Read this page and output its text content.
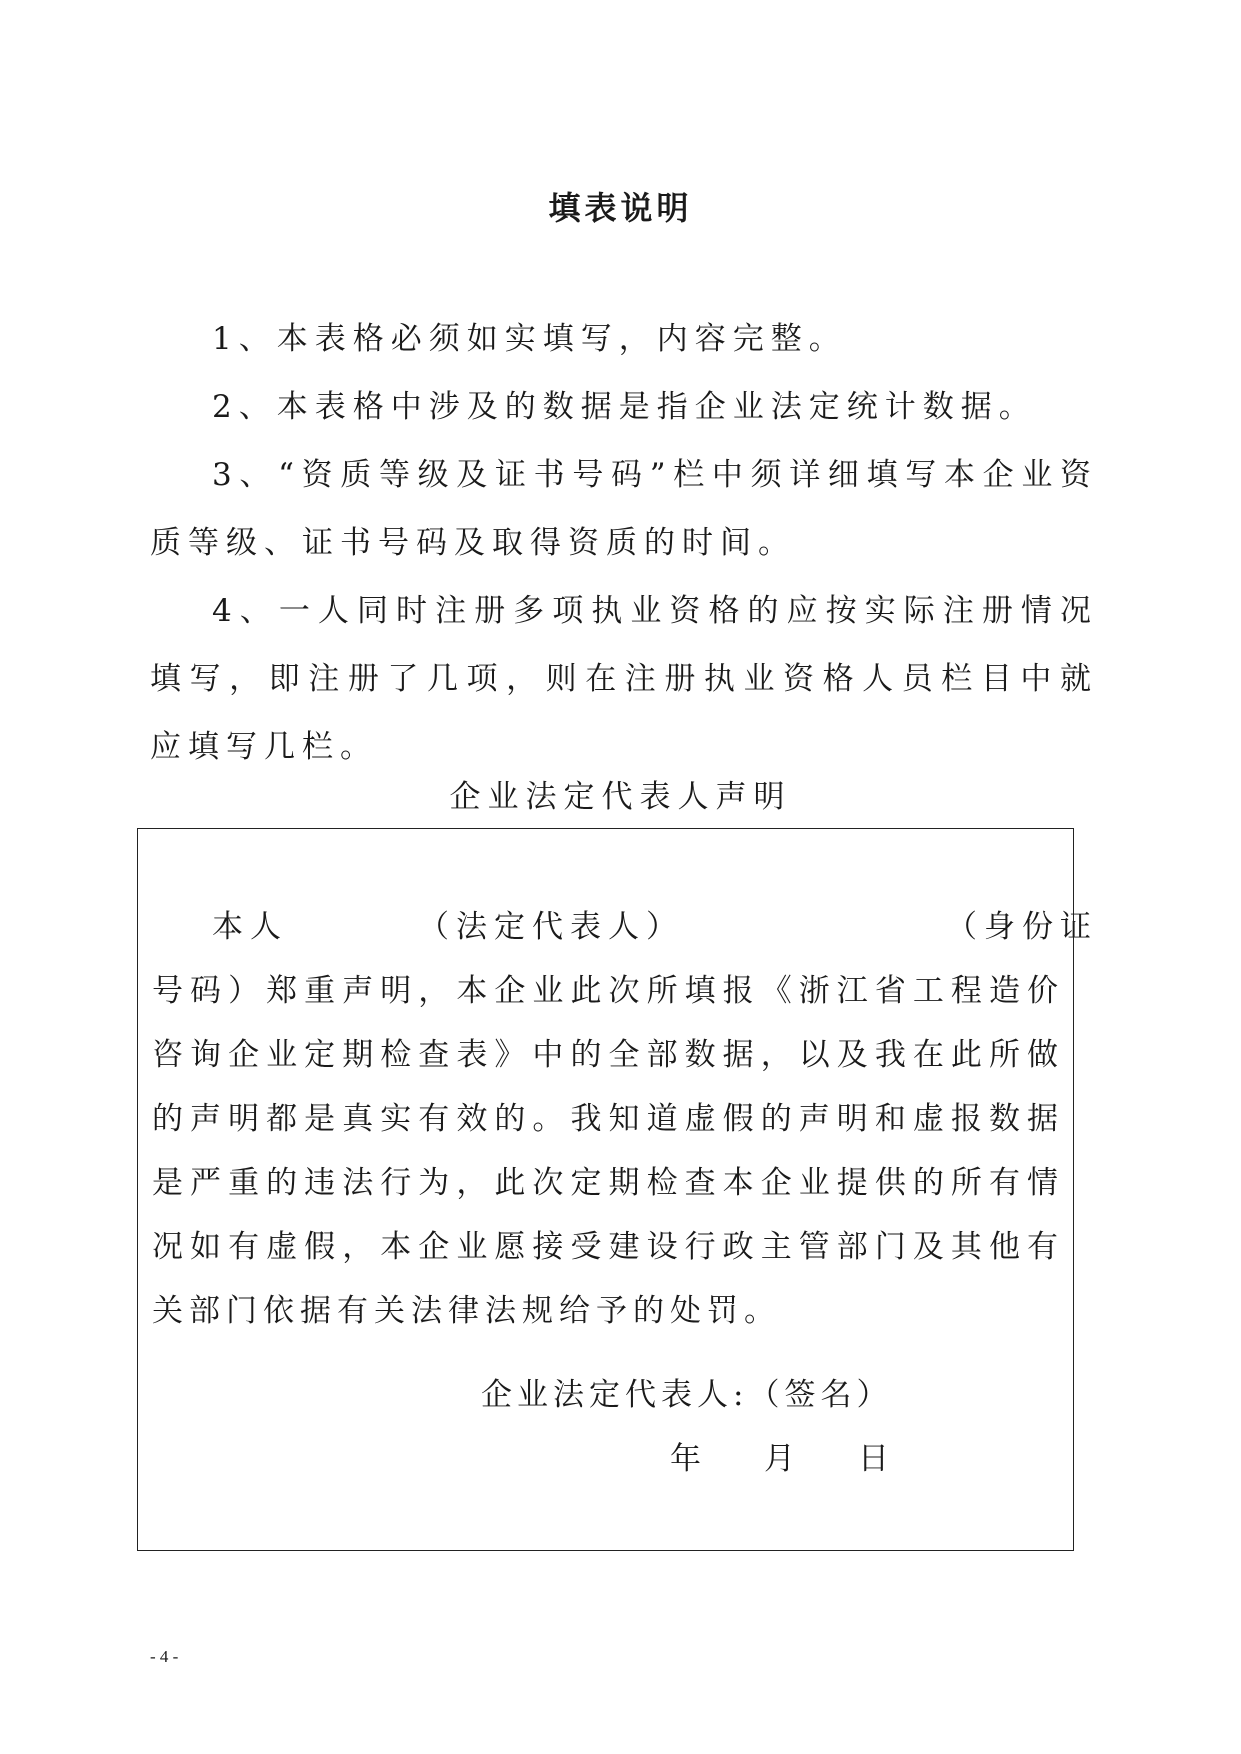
填表说明

1、本表格必须如实填写，内容完整。

2、本表格中涉及的数据是指企业法定统计数据。

3、“资质等级及证书号码”栏中须详细填写本企业资质等级、证书号码及取得资质的时间。

4、一人同时注册多项执业资格的应按实际注册情况填写，即注册了几项，则在注册执业资格人员栏目中就应填写几栏。

企业法定代表人声明
本人	（法定代表人）	（身份证

号码）郑重声明，本企业此次所填报《浙江省工程造价咨询企业定期检查表》中的全部数据，以及我在此所做的声明都是真实有效的。我知道虚假的声明和虚报数据是严重的违法行为，此次定期检查本企业提供的所有情况如有虚假，本企业愿接受建设行政主管部门及其他有关部门依据有关法律法规给予的处罚。

企业法定代表人:（签名）
年 月 日
- 4 -
